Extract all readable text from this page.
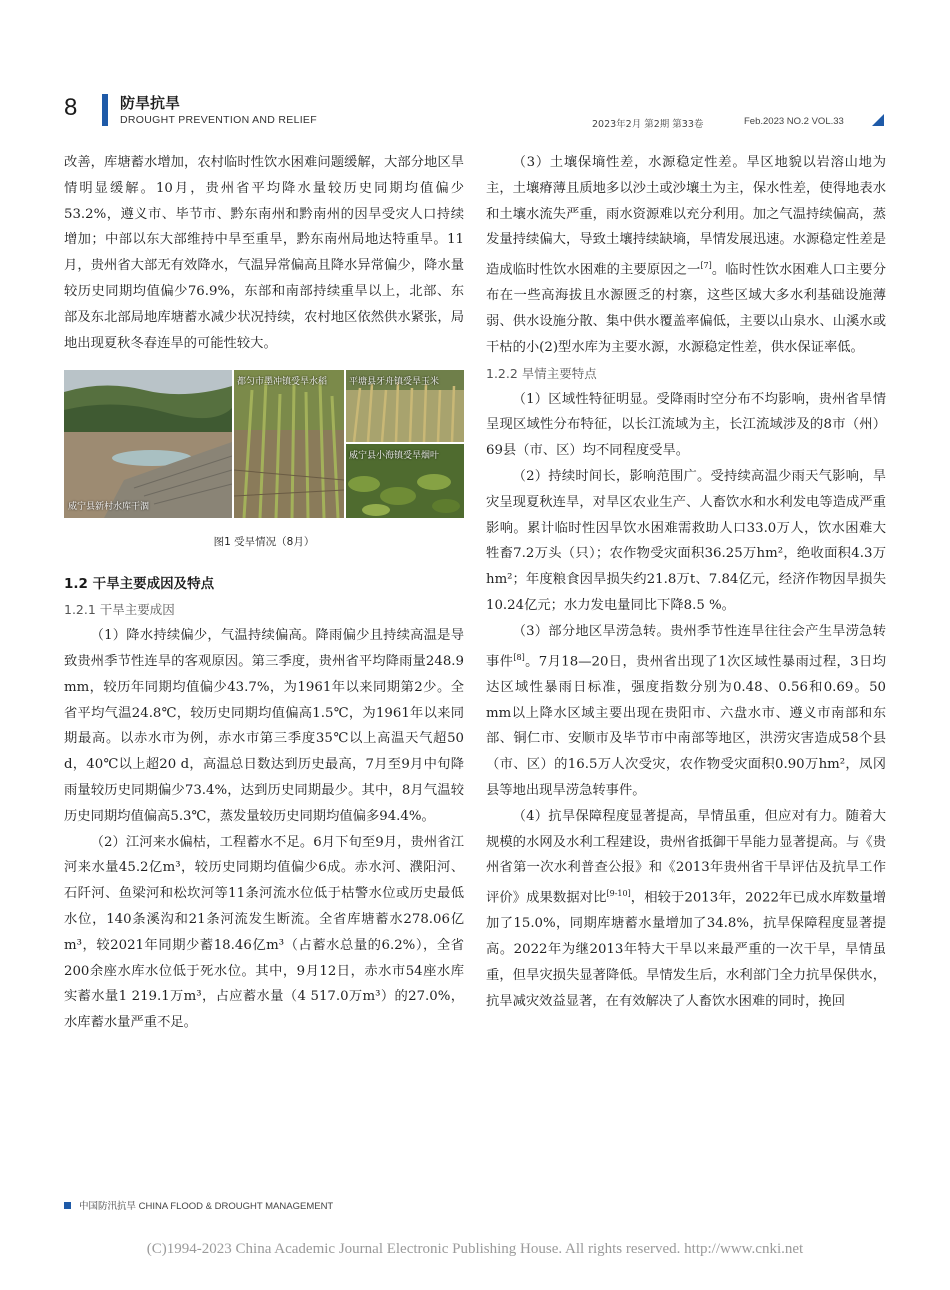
8	防旱抗旱
DROUGHT PREVENTION AND RELIEF	2023年2月 第2期 第33卷	Feb.2023 NO.2 VOL.33

改善，库塘蓄水增加，农村临时性饮水困难问题缓解，大部分地区旱情明显缓解。10月，贵州省平均降水量较历史同期均值偏少53.2%，遵义市、毕节市、黔东南州和黔南州的因旱受灾人口持续增加；中部以东大部维持中旱至重旱，黔东南州局地达特重旱。11月，贵州省大部无有效降水，气温异常偏高且降水异常偏少，降水量较历史同期均值偏少76.9%，东部和南部持续重旱以上，北部、东部及东北部局地库塘蓄水减少状况持续，农村地区依然供水紧张，局地出现夏秋冬春连旱的可能性较大。

威宁县新村水库干涸
都匀市墨冲镇受旱水稻 平塘县牙舟镇受旱玉米
威宁县小海镇受旱烟叶
图1 受旱情况（8月）

1.2 干旱主要成因及特点

1.2.1 干旱主要成因

（1）降水持续偏少，气温持续偏高。降雨偏少且持续高温是导致贵州季节性连旱的客观原因。第三季度，贵州省平均降雨量248.9 mm，较历年同期均值偏少43.7%，为1961年以来同期第2少。全省平均气温24.8℃，较历史同期均值偏高1.5℃，为1961年以来同期最高。以赤水市为例，赤水市第三季度35℃以上高温天气超50 d，40℃以上超20 d，高温总日数达到历史最高，7月至9月中旬降雨量较历史同期偏少73.4%，达到历史同期最少。其中，8月气温较历史同期均值偏高5.3℃，蒸发量较历史同期均值偏多94.4%。

（2）江河来水偏枯，工程蓄水不足。6月下旬至9月，贵州省江河来水量45.2亿m³，较历史同期均值偏少6成。赤水河、濮阳河、石阡河、鱼梁河和松坎河等11条河流水位低于枯警水位或历史最低水位，140条溪沟和21条河流发生断流。全省库塘蓄水278.06亿m³，较2021年同期少蓄18.46亿m³（占蓄水总量的6.2%），全省200余座水库水位低于死水位。其中，9月12日，赤水市54座水库实蓄水量1 219.1万m³，占应蓄水量（4 517.0万m³）的27.0%，水库蓄水量严重不足。

（3）土壤保墒性差，水源稳定性差。旱区地貌以岩溶山地为主，土壤瘠薄且质地多以沙土或沙壤土为主，保水性差，使得地表水和土壤水流失严重，雨水资源难以充分利用。加之气温持续偏高，蒸发量持续偏大，导致土壤持续缺墒，旱情发展迅速。水源稳定性差是造成临时性饮水困难的主要原因之一[7]。临时性饮水困难人口主要分布在一些高海拔且水源匮乏的村寨，这些区域大多水利基础设施薄弱、供水设施分散、集中供水覆盖率偏低，主要以山泉水、山溪水或干枯的小(2)型水库为主要水源，水源稳定性差，供水保证率低。

1.2.2 旱情主要特点

（1）区域性特征明显。受降雨时空分布不均影响，贵州省旱情呈现区域性分布特征，以长江流域为主，长江流域涉及的8市（州）69县（市、区）均不同程度受旱。

（2）持续时间长，影响范围广。受持续高温少雨天气影响，旱灾呈现夏秋连旱，对旱区农业生产、人畜饮水和水利发电等造成严重影响。累计临时性因旱饮水困难需救助人口33.0万人，饮水困难大牲畜7.2万头（只）；农作物受灾面积36.25万hm²，绝收面积4.3万hm²；年度粮食因旱损失约21.8万t、7.84亿元，经济作物因旱损失10.24亿元；水力发电量同比下降8.5 %。

（3）部分地区旱涝急转。贵州季节性连旱往往会产生旱涝急转事件[8]。7月18—20日，贵州省出现了1次区域性暴雨过程，3日均达区域性暴雨日标准，强度指数分别为0.48、0.56和0.69。50 mm以上降水区域主要出现在贵阳市、六盘水市、遵义市南部和东部、铜仁市、安顺市及毕节市中南部等地区，洪涝灾害造成58个县（市、区）的16.5万人次受灾，农作物受灾面积0.90万hm²，凤冈县等地出现旱涝急转事件。

（4）抗旱保障程度显著提高，旱情虽重，但应对有力。随着大规模的水网及水利工程建设，贵州省抵御干旱能力显著提高。与《贵州省第一次水利普查公报》和《2013年贵州省干旱评估及抗旱工作评价》成果数据对比[9-10]，相较于2013年，2022年已成水库数量增加了15.0%，同期库塘蓄水量增加了34.8%，抗旱保障程度显著提高。2022年为继2013年特大干旱以来最严重的一次干旱，旱情虽重，但旱灾损失显著降低。旱情发生后，水利部门全力抗旱保供水，抗旱减灾效益显著，在有效解决了人畜饮水困难的同时，挽回

中国防汛抗旱 CHINA FLOOD & DROUGHT MANAGEMENT
(C)1994-2023 China Academic Journal Electronic Publishing House. All rights reserved. http://www.cnki.net
